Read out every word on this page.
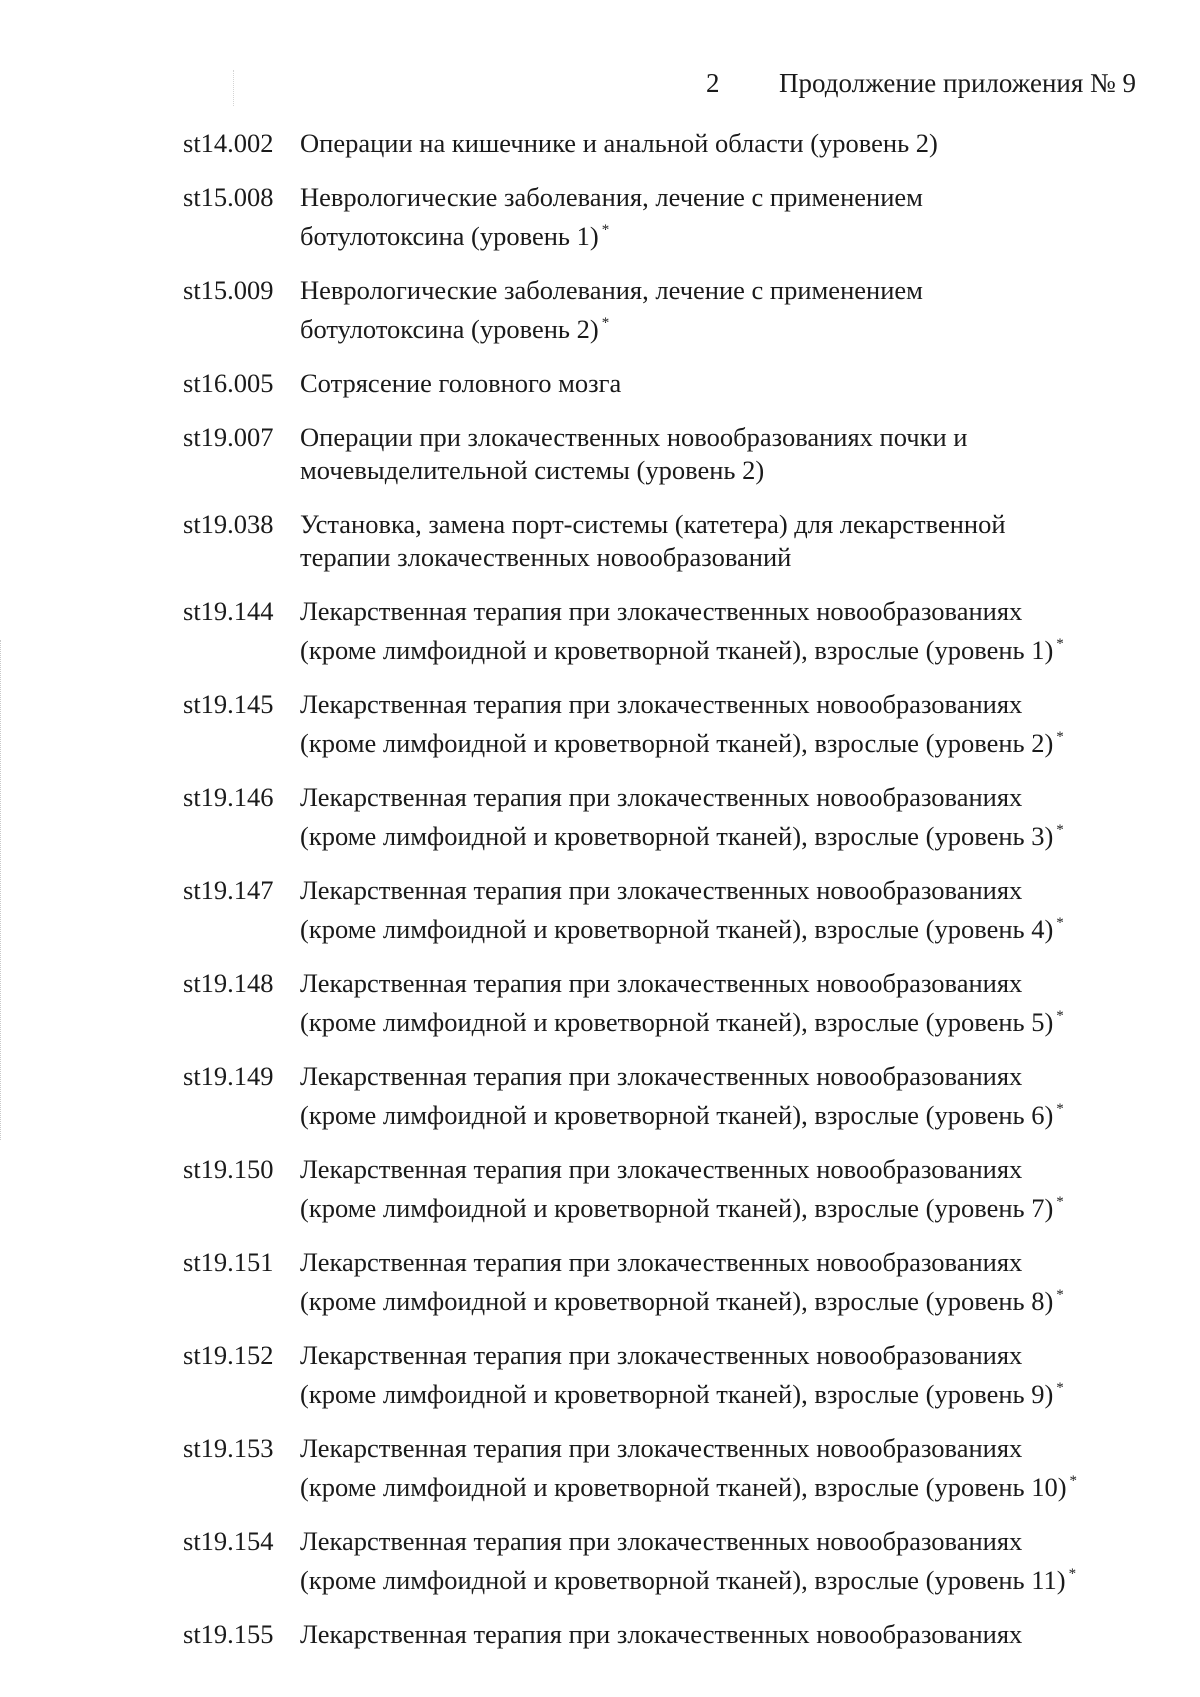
2 Продолжение приложения № 9
st14.002 Операции на кишечнике и анальной области (уровень 2)
st15.008 Неврологические заболевания, лечение с применением
ботулотоксина (уровень 1) *
st15.009 Неврологические заболевания, лечение с применением
ботулотоксина (уровень 2) *
st16.005 Сотрясение головного мозга
st19.007 Операции при злокачественных новообразованиях почки и
мочевыделительной системы (уровень 2)
st19.038 Установка, замена порт-системы (катетера) для лекарственной
терапии злокачественных новообразований
st19.144 Лекарственная терапия при злокачественных новообразованиях
(кроме лимфоидной и кроветворной тканей), взрослые (уровень 1) *
st19.145 Лекарственная терапия при злокачественных новообразованиях
(кроме лимфоидной и кроветворной тканей), взрослые (уровень 2) *
st19.146 Лекарственная терапия при злокачественных новообразованиях
(кроме лимфоидной и кроветворной тканей), взрослые (уровень 3) *
st19.147 Лекарственная терапия при злокачественных новообразованиях
(кроме лимфоидной и кроветворной тканей), взрослые (уровень 4) *
st19.148 Лекарственная терапия при злокачественных новообразованиях
(кроме лимфоидной и кроветворной тканей), взрослые (уровень 5) *
st19.149 Лекарственная терапия при злокачественных новообразованиях
(кроме лимфоидной и кроветворной тканей), взрослые (уровень 6) *
st19.150 Лекарственная терапия при злокачественных новообразованиях
(кроме лимфоидной и кроветворной тканей), взрослые (уровень 7) *
st19.151 Лекарственная терапия при злокачественных новообразованиях
(кроме лимфоидной и кроветворной тканей), взрослые (уровень 8) *
st19.152 Лекарственная терапия при злокачественных новообразованиях
(кроме лимфоидной и кроветворной тканей), взрослые (уровень 9) *
st19.153 Лекарственная терапия при злокачественных новообразованиях
(кроме лимфоидной и кроветворной тканей), взрослые (уровень 10) *
st19.154 Лекарственная терапия при злокачественных новообразованиях
(кроме лимфоидной и кроветворной тканей), взрослые (уровень 11) *
st19.155 Лекарственная терапия при злокачественных новообразованиях
